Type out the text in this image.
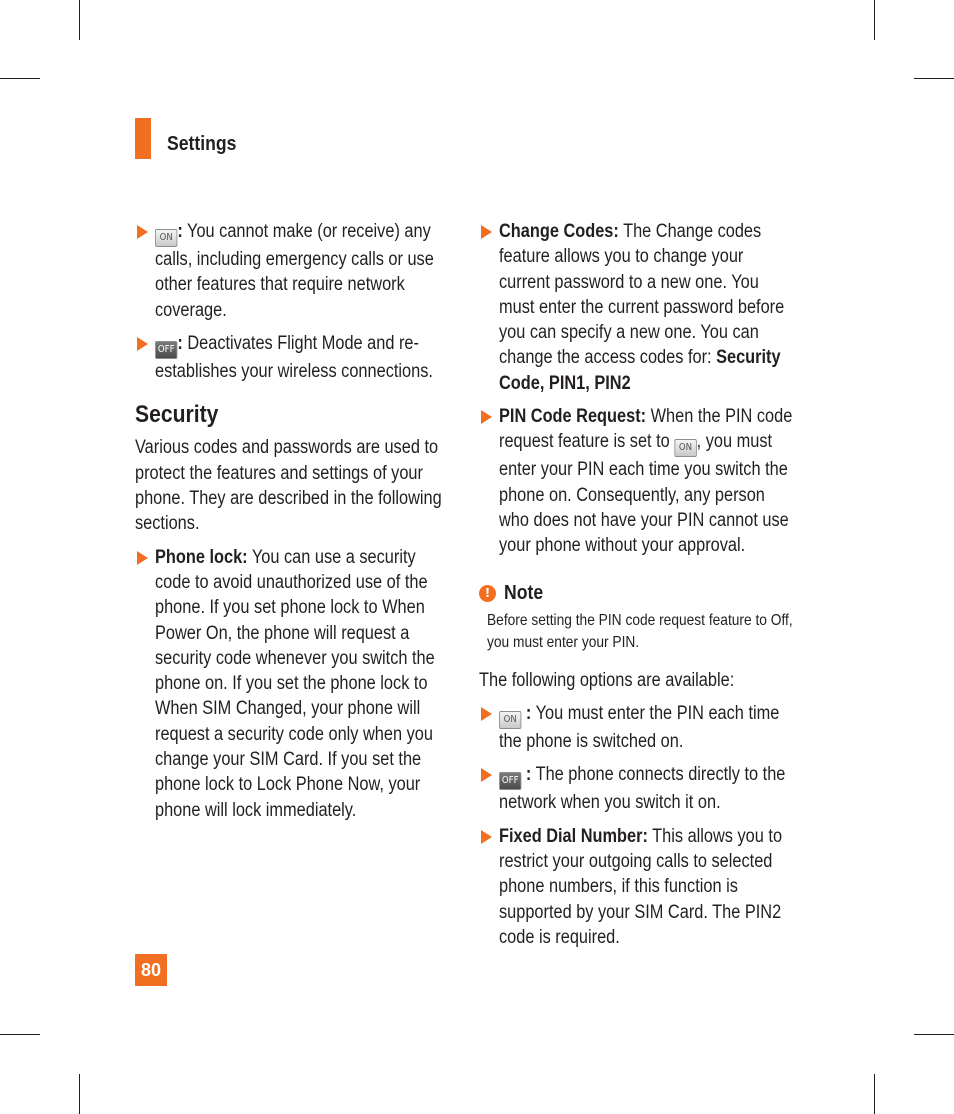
Settings
ON : You cannot make (or receive) any calls, including emergency calls or use other features that require network coverage.
OFF : Deactivates Flight Mode and re-establishes your wireless connections.
Security
Various codes and passwords are used to protect the features and settings of your phone. They are described in the following sections.
Phone lock: You can use a security code to avoid unauthorized use of the phone. If you set phone lock to When Power On, the phone will request a security code whenever you switch the phone on. If you set the phone lock to When SIM Changed, your phone will request a security code only when you change your SIM Card. If you set the phone lock to Lock Phone Now, your phone will lock immediately.
Change Codes: The Change codes feature allows you to change your current password to a new one. You must enter the current password before you can specify a new one. You can change the access codes for: Security Code, PIN1, PIN2
PIN Code Request: When the PIN code request feature is set to ON , you must enter your PIN each time you switch the phone on. Consequently, any person who does not have your PIN cannot use your phone without your approval.
! Note
Before setting the PIN code request feature to Off, you must enter your PIN.
The following options are available:
ON : You must enter the PIN each time the phone is switched on.
OFF : The phone connects directly to the network when you switch it on.
Fixed Dial Number: This allows you to restrict your outgoing calls to selected phone numbers, if this function is supported by your SIM Card. The PIN2 code is required.
80
